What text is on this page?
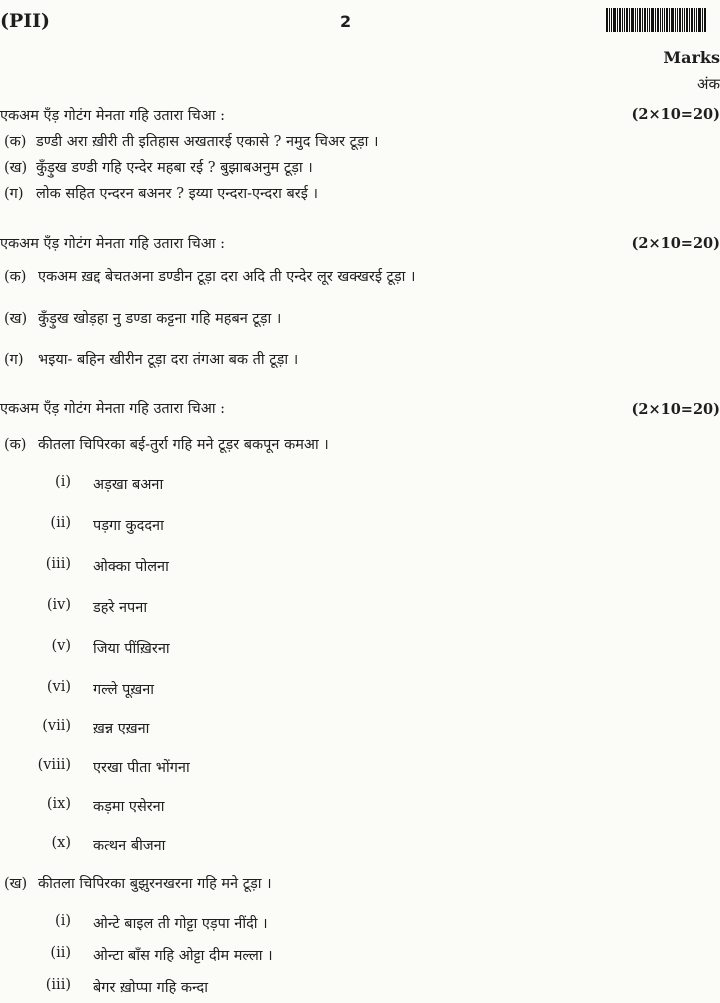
(PII)	2
Marks
अंक
एकअम एँड़ गोटंग मेनता गहि उतारा चिआ :	(2×10=20)
(क) डण्डी अरा ख़ीरी ती इतिहास अखतारई एकासे ? नमुद चिअर टूड़ा ।
(ख) कुँड़ुख डण्डी गहि एन्देर महबा रई ? बुझाबअनुम टूड़ा ।
(ग) लोक सहित एन्दरन बअनर ? इय्या एन्दरा-एन्दरा बरई ।
एकअम एँड़ गोटंग मेनता गहि उतारा चिआ :	(2×10=20)
(क) एकअम ख़द्द बेचतअना डण्डीन टूड़ा दरा अदि ती एन्देर लूर खक्खरई टूड़ा ।
(ख) कुँड़ुख खोड़हा नु डण्डा कट्टना गहि महबन टूड़ा ।
(ग) भइया- बहिन खीरीन टूड़ा दरा तंगआ बक ती टूड़ा ।
एकअम एँड़ गोटंग मेनता गहि उतारा चिआ :	(2×10=20)
(क) कीतला चिपिरका बई-तुर्रा गहि मने टूड़र बकपून कमआ ।
(i) अड़खा बअना
(ii) पड़गा कुददना
(iii) ओक्का पोलना
(iv) डहरे नपना
(v) जिया पींख़िरना
(vi) गल्ले पूख़ना
(vii) ख़न्न एख़ना
(viii) एरखा पीता भोंगना
(ix) कड़मा एसेरना
(x) कत्थन बीजना
(ख) कीतला चिपिरका बुझुरनखरना गहि मने टूड़ा ।
(i) ओन्टे बाइल ती गोट्टा एड़पा नींदी ।
(ii) ओन्टा बाँस गहि ओट्टा दीम मल्ला ।
(iii) बेगर ख़ोप्पा गहि कन्दा
